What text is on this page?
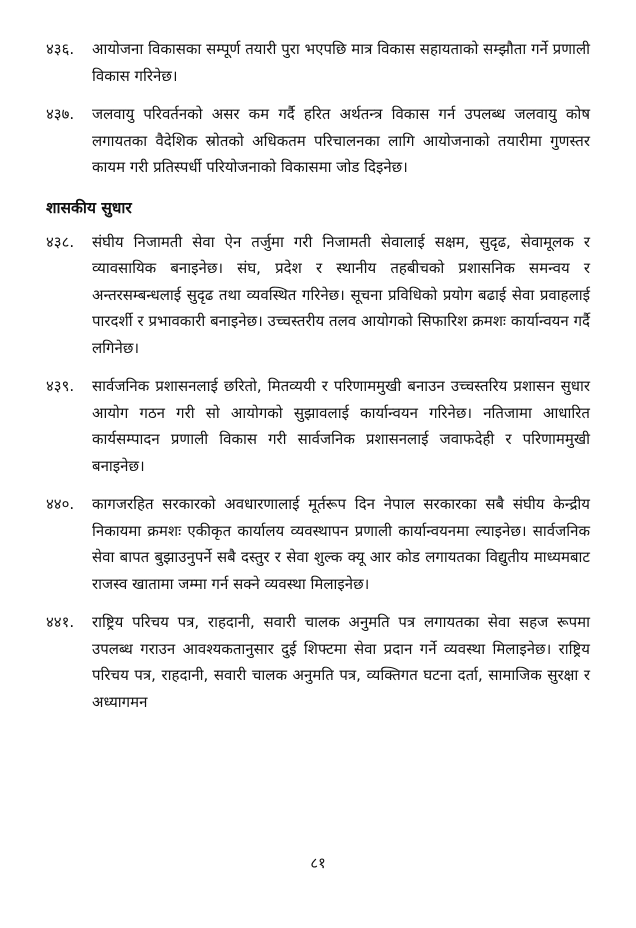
४३६.	आयोजना विकासका सम्पूर्ण तयारी पुरा भएपछि मात्र विकास सहायताको सम्झौता गर्ने प्रणाली विकास गरिनेछ।
४३७.	जलवायु परिवर्तनको असर कम गर्दै हरित अर्थतन्त्र विकास गर्न उपलब्ध जलवायु कोष लगायतका वैदेशिक स्रोतको अधिकतम परिचालनका लागि आयोजनाको तयारीमा गुणस्तर कायम गरी प्रतिस्पर्धी परियोजनाको विकासमा जोड दिइनेछ।
शासकीय सुधार
४३८.	संघीय निजामती सेवा ऐन तर्जुमा गरी निजामती सेवालाई सक्षम, सुदृढ, सेवामूलक र व्यावसायिक बनाइनेछ। संघ, प्रदेश र स्थानीय तहबीचको प्रशासनिक समन्वय र अन्तरसम्बन्धलाई सुदृढ तथा व्यवस्थित गरिनेछ। सूचना प्रविधिको प्रयोग बढाई सेवा प्रवाहलाई पारदर्शी र प्रभावकारी बनाइनेछ। उच्चस्तरीय तलव आयोगको सिफारिश क्रमशः कार्यान्वयन गर्दै लगिनेछ।
४३९.	सार्वजनिक प्रशासनलाई छरितो, मितव्ययी र परिणाममुखी बनाउन उच्चस्तरिय प्रशासन सुधार आयोग गठन गरी सो आयोगको सुझावलाई कार्यान्वयन गरिनेछ। नतिजामा आधारित कार्यसम्पादन प्रणाली विकास गरी सार्वजनिक प्रशासनलाई जवाफदेही र परिणाममुखी बनाइनेछ।
४४०.	कागजरहित सरकारको अवधारणालाई मूर्तरूप दिन नेपाल सरकारका सबै संघीय केन्द्रीय निकायमा क्रमशः एकीकृत कार्यालय व्यवस्थापन प्रणाली कार्यान्वयनमा ल्याइनेछ। सार्वजनिक सेवा बापत बुझाउनुपर्ने सबै दस्तुर र सेवा शुल्क क्यू आर कोड लगायतका विद्युतीय माध्यमबाट राजस्व खातामा जम्मा गर्न सक्ने व्यवस्था मिलाइनेछ।
४४१.	राष्ट्रिय परिचय पत्र, राहदानी, सवारी चालक अनुमति पत्र लगायतका सेवा सहज रूपमा उपलब्ध गराउन आवश्यकतानुसार दुई शिफ्टमा सेवा प्रदान गर्ने व्यवस्था मिलाइनेछ। राष्ट्रिय परिचय पत्र, राहदानी, सवारी चालक अनुमति पत्र, व्यक्तिगत घटना दर्ता, सामाजिक सुरक्षा र अध्यागमन
८१
